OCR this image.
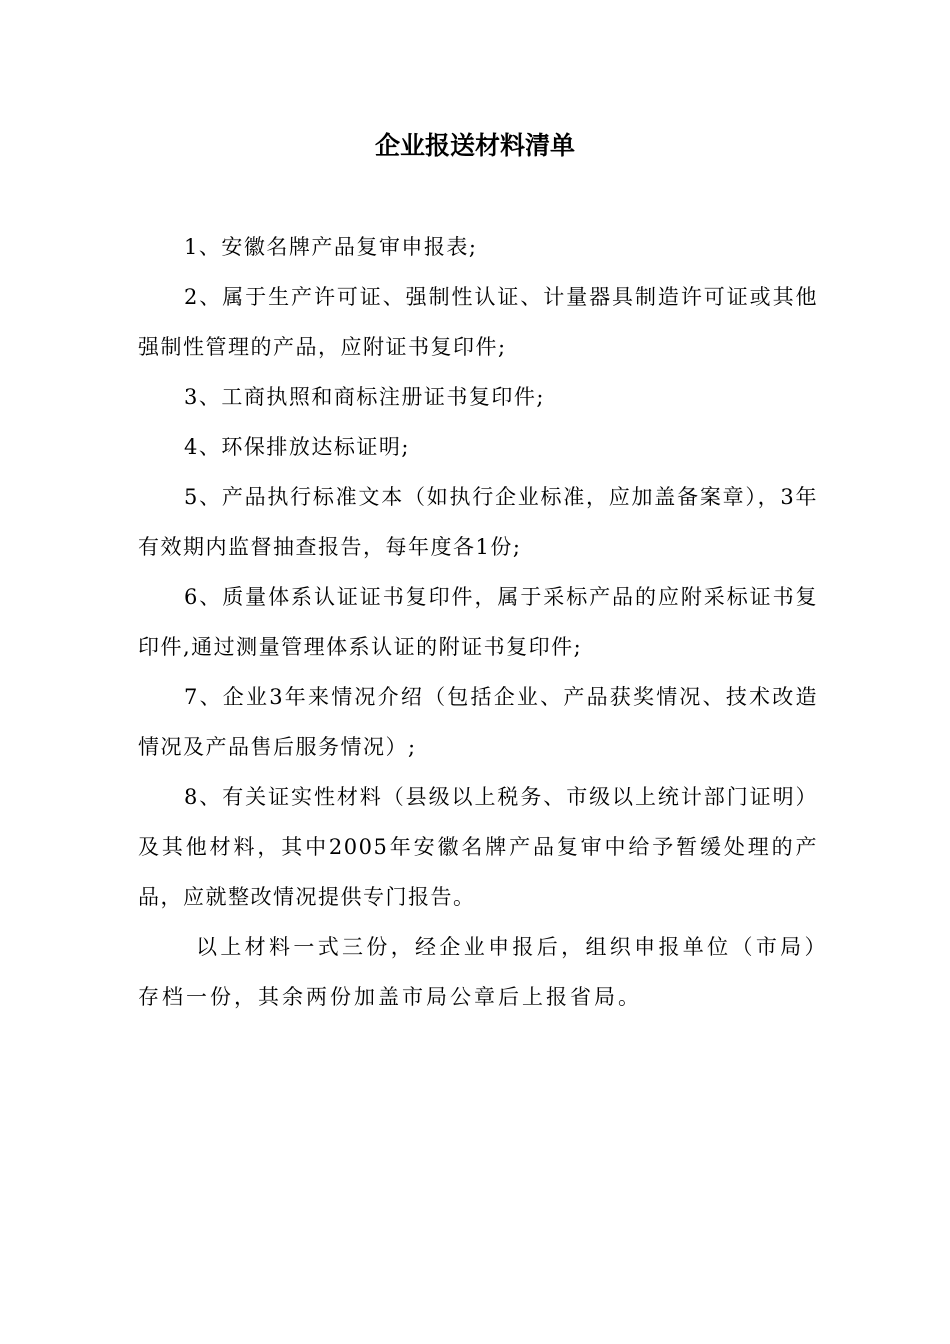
企业报送材料清单

1、安徽名牌产品复审申报表;

2、属于生产许可证、强制性认证、计量器具制造许可证或其他强制性管理的产品，应附证书复印件;

3、工商执照和商标注册证书复印件;

4、环保排放达标证明;

5、产品执行标准文本（如执行企业标准，应加盖备案章），3年有效期内监督抽查报告，每年度各1份;

6、质量体系认证证书复印件，属于采标产品的应附采标证书复印件,通过测量管理体系认证的附证书复印件;

7、企业3年来情况介绍（包括企业、产品获奖情况、技术改造情况及产品售后服务情况）;

8、有关证实性材料（县级以上税务、市级以上统计部门证明）及其他材料，其中2005年安徽名牌产品复审中给予暂缓处理的产品，应就整改情况提供专门报告。

以上材料一式三份，经企业申报后，组织申报单位（市局）存档一份，其余两份加盖市局公章后上报省局。
